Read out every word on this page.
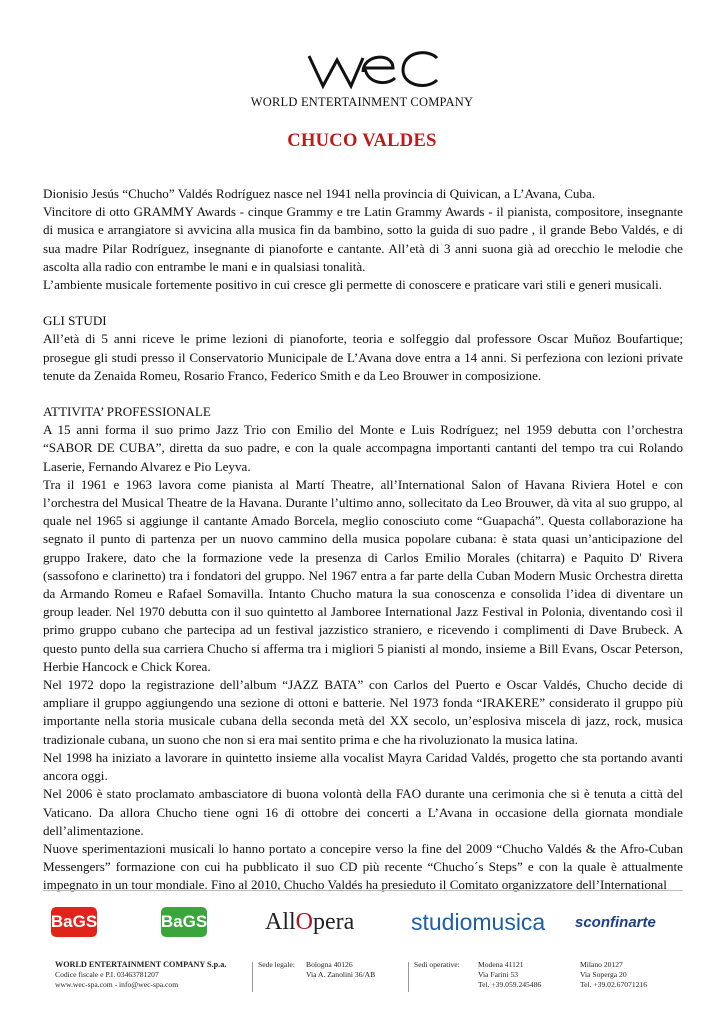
WORLD ENTERTAINMENT COMPANY
CHUCO VALDES

Dionisio Jesús “Chucho” Valdés Rodríguez nasce nel 1941 nella provincia di Quivican, a L’Avana, Cuba.

Vincitore di otto GRAMMY Awards - cinque Grammy e tre Latin Grammy Awards - il pianista, compositore, insegnante di musica e arrangiatore si avvicina alla musica fin da bambino, sotto la guida di suo padre , il grande Bebo Valdés, e di sua madre Pilar Rodríguez, insegnante di pianoforte e cantante. All’età di 3 anni suona già ad orecchio le melodie che ascolta alla radio con entrambe le mani e in qualsiasi tonalità.

L’ambiente musicale fortemente positivo in cui cresce gli permette di conoscere e praticare vari stili e generi musicali.

GLI STUDI

All’età di 5 anni riceve le prime lezioni di pianoforte, teoria e solfeggio dal professore Oscar Muñoz Boufartique; prosegue gli studi presso il Conservatorio Municipale de L’Avana dove entra a 14 anni. Si perfeziona con lezioni private tenute da Zenaida Romeu, Rosario Franco, Federico Smith e da Leo Brouwer in composizione.

ATTIVITA’ PROFESSIONALE

A 15 anni forma il suo primo Jazz Trio con Emilio del Monte e Luis Rodríguez; nel 1959 debutta con l’orchestra “SABOR DE CUBA”, diretta da suo padre, e con la quale accompagna importanti cantanti del tempo tra cui Rolando Laserie, Fernando Alvarez e Pio Leyva.

Tra il 1961 e 1963 lavora come pianista al Martí Theatre, all’International Salon of Havana Riviera Hotel e con l’orchestra del Musical Theatre de la Havana. Durante l’ultimo anno, sollecitato da Leo Brouwer, dà vita al suo gruppo, al quale nel 1965 si aggiunge il cantante Amado Borcela, meglio conosciuto come “Guapachá”. Questa collaborazione ha segnato il punto di partenza per un nuovo cammino della musica popolare cubana: è stata quasi un’anticipazione del gruppo Irakere, dato che la formazione vede la presenza di Carlos Emilio Morales (chitarra) e Paquito D' Rivera (sassofono e clarinetto) tra i fondatori del gruppo. Nel 1967 entra a far parte della Cuban Modern Music Orchestra diretta da Armando Romeu e Rafael Somavilla. Intanto Chucho matura la sua conoscenza e consolida l’idea di diventare un group leader. Nel 1970 debutta con il suo quintetto al Jamboree International Jazz Festival in Polonia, diventando così il primo gruppo cubano che partecipa ad un festival jazzistico straniero, e ricevendo i complimenti di Dave Brubeck. A questo punto della sua carriera Chucho si afferma tra i migliori 5 pianisti al mondo, insieme a Bill Evans, Oscar Peterson, Herbie Hancock e Chick Korea.

Nel 1972 dopo la registrazione dell’album “JAZZ BATA” con Carlos del Puerto e Oscar Valdés, Chucho decide di ampliare il gruppo aggiungendo una sezione di ottoni e batterie. Nel 1973 fonda “IRAKERE” considerato il gruppo più importante nella storia musicale cubana della seconda metà del XX secolo, un’esplosiva miscela di jazz, rock, musica tradizionale cubana, un suono che non si era mai sentito prima e che ha rivoluzionato la musica latina.

Nel 1998 ha iniziato a lavorare in quintetto insieme alla vocalist Mayra Caridad Valdés, progetto che sta portando avanti ancora oggi.

Nel 2006 è stato proclamato ambasciatore di buona volontà della FAO durante una cerimonia che si è tenuta a città del Vaticano. Da allora Chucho tiene ogni 16 di ottobre dei concerti a L’Avana in occasione della giornata mondiale dell’alimentazione.

Nuove sperimentazioni musicali lo hanno portato a concepire verso la fine del 2009 “Chucho Valdés & the Afro-Cuban Messengers” formazione con cui ha pubblicato il suo CD più recente “Chucho´s Steps” e con la quale è attualmente impegnato in un tour mondiale. Fino al 2010, Chucho Valdés ha presieduto il Comitato organizzatore dell’International

BaGS	BaGS All O pera studiomusica sconfinarte
WORLD ENTERTAINMENT COMPANY S.p.a.
Codice fiscale e P.I. 03463781207
www.wec-spa.com - info@wec-spa.com
Sede legale: Bologna 40126
Via A. Zanolini 36/AB
Sedi operative: Modena 41121
Via Farini 53
Tel. +39.059.245486
Milano 20127
Via Soperga 20
Tel. +39.02.67071216
